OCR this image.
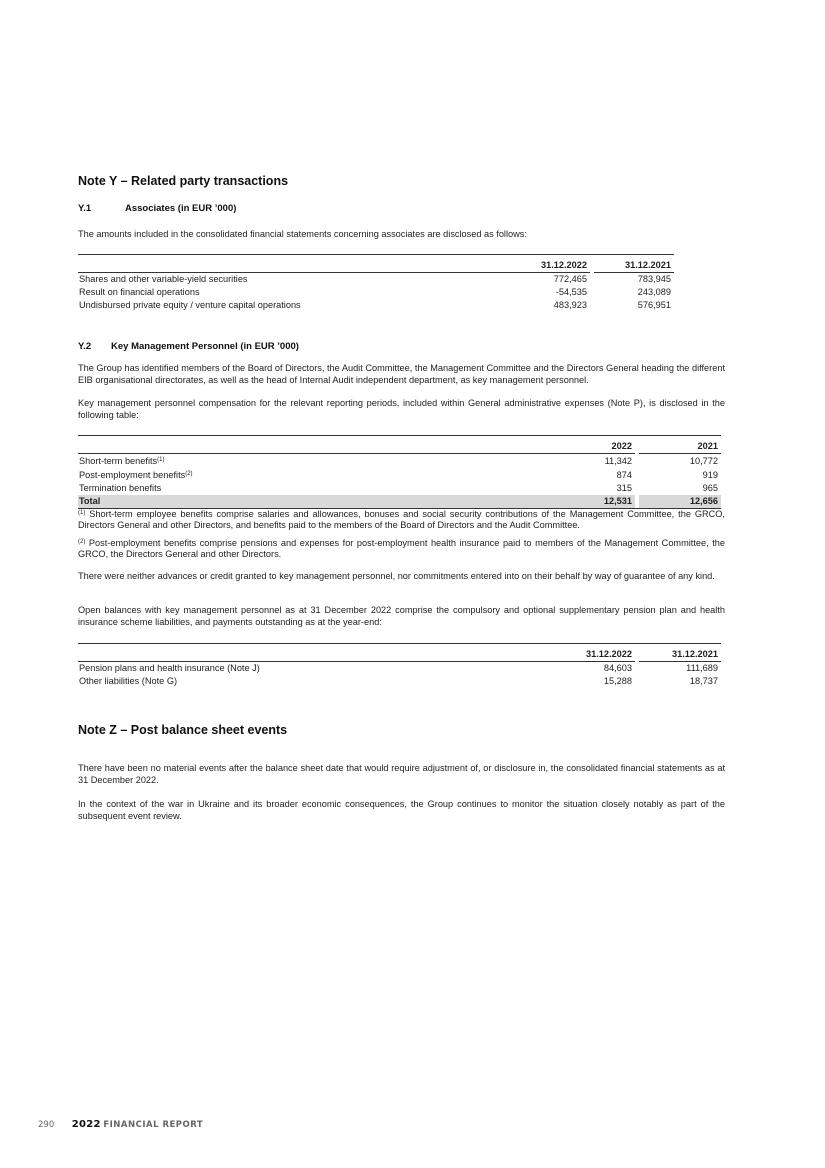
Note Y – Related party transactions
Y.1	Associates (in EUR ’000)

The amounts included in the consolidated financial statements concerning associates are disclosed as follows:

	31.12.2022		31.12.2021
Shares and other variable-yield securities	772,465		783,945
Result on financial operations	-54,535		243,089
Undisbursed private equity / venture capital operations	483,923		576,951
Y.2 Key Management Personnel (in EUR ’000)

The Group has identified members of the Board of Directors, the Audit Committee, the Management Committee and the Directors General heading the different EIB organisational directorates, as well as the head of Internal Audit independent department, as key management personnel.

Key management personnel compensation for the relevant reporting periods, included within General administrative expenses (Note P), is disclosed in the following table:

	2022		2021
Short-term benefits$^{(1)}$	11,342		10,772
Post-employment benefits$^{(2)}$	874		919
Termination benefits	315		965
Total	12,531		12,656

$^{(1)}$ Short-term employee benefits comprise salaries and allowances, bonuses and social security contributions of the Management Committee, the GRCO, Directors General and other Directors, and benefits paid to the members of the Board of Directors and the Audit Committee.

$^{(2)}$ Post-employment benefits comprise pensions and expenses for post-employment health insurance paid to members of the Management Committee, the GRCO, the Directors General and other Directors.

There were neither advances or credit granted to key management personnel, nor commitments entered into on their behalf by way of guarantee of any kind.

Open balances with key management personnel as at 31 December 2022 comprise the compulsory and optional supplementary pension plan and health insurance scheme liabilities, and payments outstanding as at the year-end:

	31.12.2022		31.12.2021
Pension plans and health insurance (Note J)	84,603		111,689
Other liabilities (Note G)	15,288		18,737
Note Z – Post balance sheet events

There have been no material events after the balance sheet date that would require adjustment of, or disclosure in, the consolidated financial statements as at 31 December 2022.

In the context of the war in Ukraine and its broader economic consequences, the Group continues to monitor the situation closely notably as part of the subsequent event review.

290 2022 FINANCIAL REPORT
